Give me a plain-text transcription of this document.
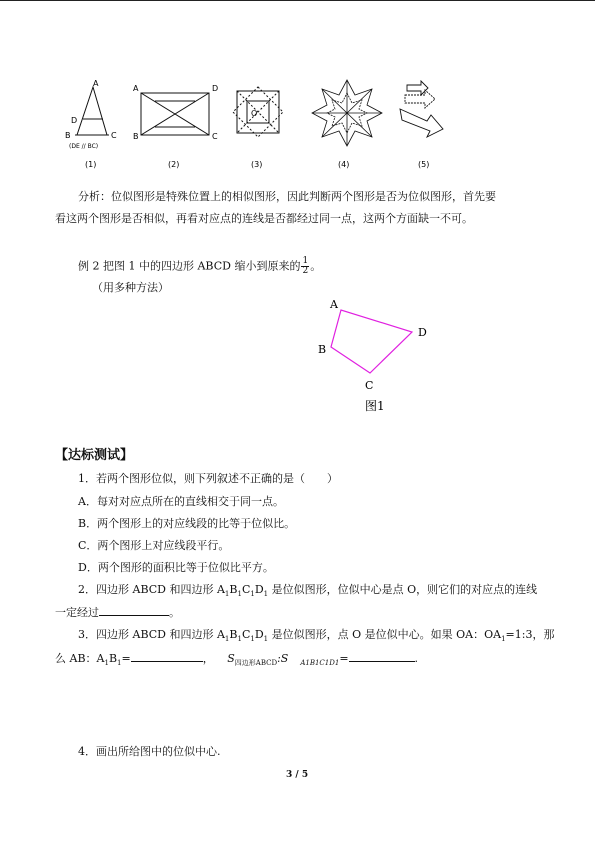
A
D
B	C
(DE // BC)
A	D
B	C
O
(1)	(2)	(3)	(4)	(5)
分析：位似图形是特殊位置上的相似图形，因此判断两个图形是否为位似图形，首先要
看这两个图形是否相似，再看对应点的连线是否都经过同一点，这两个方面缺一不可。
例 2 把图 1 中的四边形 ABCD 缩小到原来的 $\frac{1}{2}$ 。
（用多种方法）
A
B
C
D
图1
【达标测试】
1．若两个图形位似，则下列叙述不正确的是（　　）
A．每对对应点所在的直线相交于同一点。
B．两个图形上的对应线段的比等于位似比。
C．两个图形上对应线段平行。
D．两个图形的面积比等于位似比平方。
2．四边形 ABCD 和四边形 $A_1B_1C_1D_1$ 是位似图形，位似中心是点 O，则它们的对应点的连线
一定经过	。
3．四边形 ABCD 和四边形 $A_1B_1C_1D_1$ 是位似图形，点 O 是位似中心。如果 OA：$OA_1=1:3$，那
么 AB：$A_1B_1=$	， $S_{四边形ABCD}:S$ $_{A1B1C1D1}$=	.
4．画出所给图中的位似中心.
3 / 5
